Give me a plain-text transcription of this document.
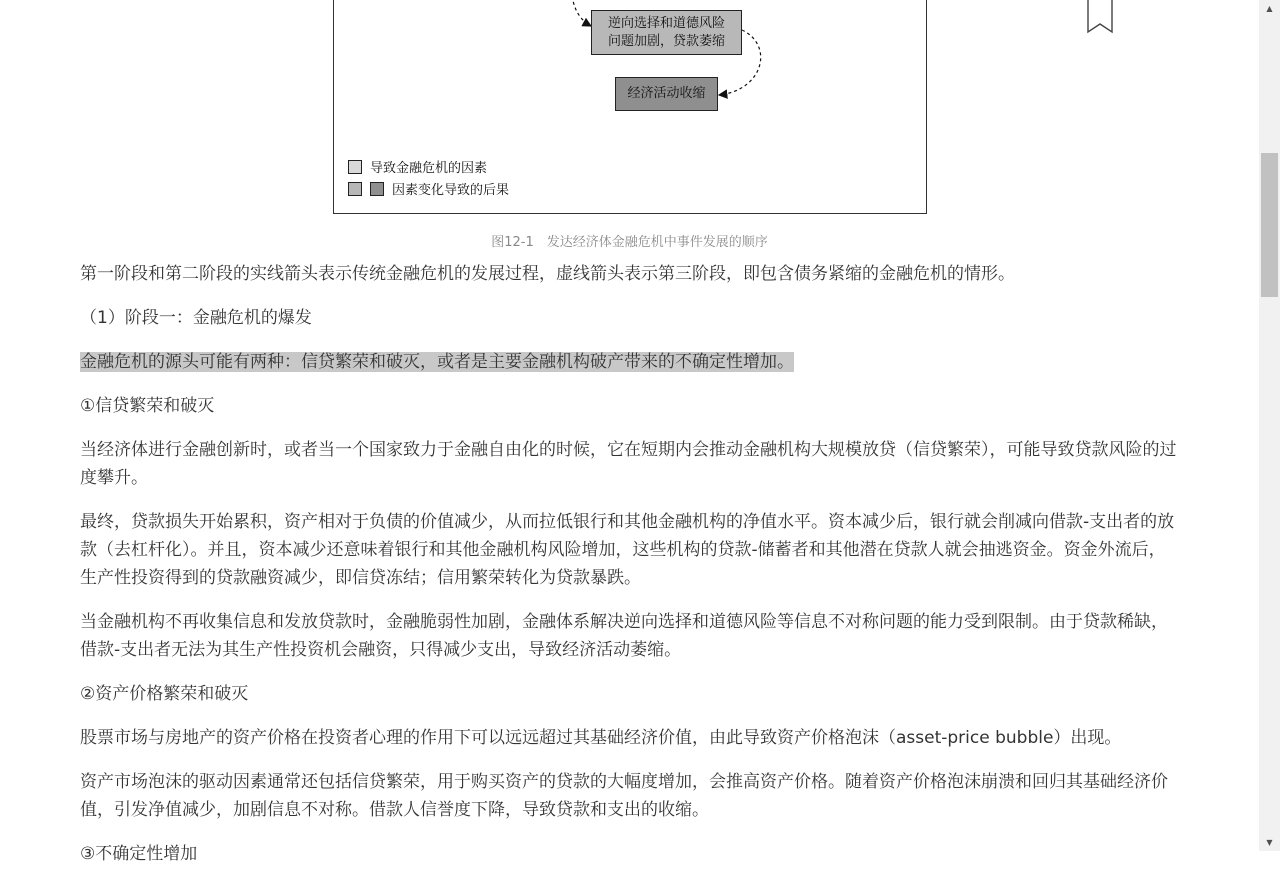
逆向选择和道德风险
问题加剧，贷款萎缩
经济活动收缩
导致金融危机的因素
因素变化导致的后果
图12-1　发达经济体金融危机中事件发展的顺序

第一阶段和第二阶段的实线箭头表示传统金融危机的发展过程，虚线箭头表示第三阶段，即包含债务紧缩的金融危机的情形。

（1）阶段一：金融危机的爆发

金融危机的源头可能有两种：信贷繁荣和破灭，或者是主要金融机构破产带来的不确定性增加。

①信贷繁荣和破灭

当经济体进行金融创新时，或者当一个国家致力于金融自由化的时候，它在短期内会推动金融机构大规模放贷（信贷繁荣），可能导致贷款风险的过度攀升。

最终，贷款损失开始累积，资产相对于负债的价值减少，从而拉低银行和其他金融机构的净值水平。资本减少后，银行就会削减向借款-支出者的放款（去杠杆化）。并且，资本减少还意味着银行和其他金融机构风险增加，这些机构的贷款-储蓄者和其他潜在贷款人就会抽逃资金。资金外流后，生产性投资得到的贷款融资减少，即信贷冻结；信用繁荣转化为贷款暴跌。

当金融机构不再收集信息和发放贷款时，金融脆弱性加剧，金融体系解决逆向选择和道德风险等信息不对称问题的能力受到限制。由于贷款稀缺，借款-支出者无法为其生产性投资机会融资，只得减少支出，导致经济活动萎缩。

②资产价格繁荣和破灭

股票市场与房地产的资产价格在投资者心理的作用下可以远远超过其基础经济价值，由此导致资产价格泡沫（asset-price bubble）出现。

资产市场泡沫的驱动因素通常还包括信贷繁荣，用于购买资产的贷款的大幅度增加，会推高资产价格。随着资产价格泡沫崩溃和回归其基础经济价值，引发净值减少，加剧信息不对称。借款人信誉度下降，导致贷款和支出的收缩。

③不确定性增加

▲
▼
